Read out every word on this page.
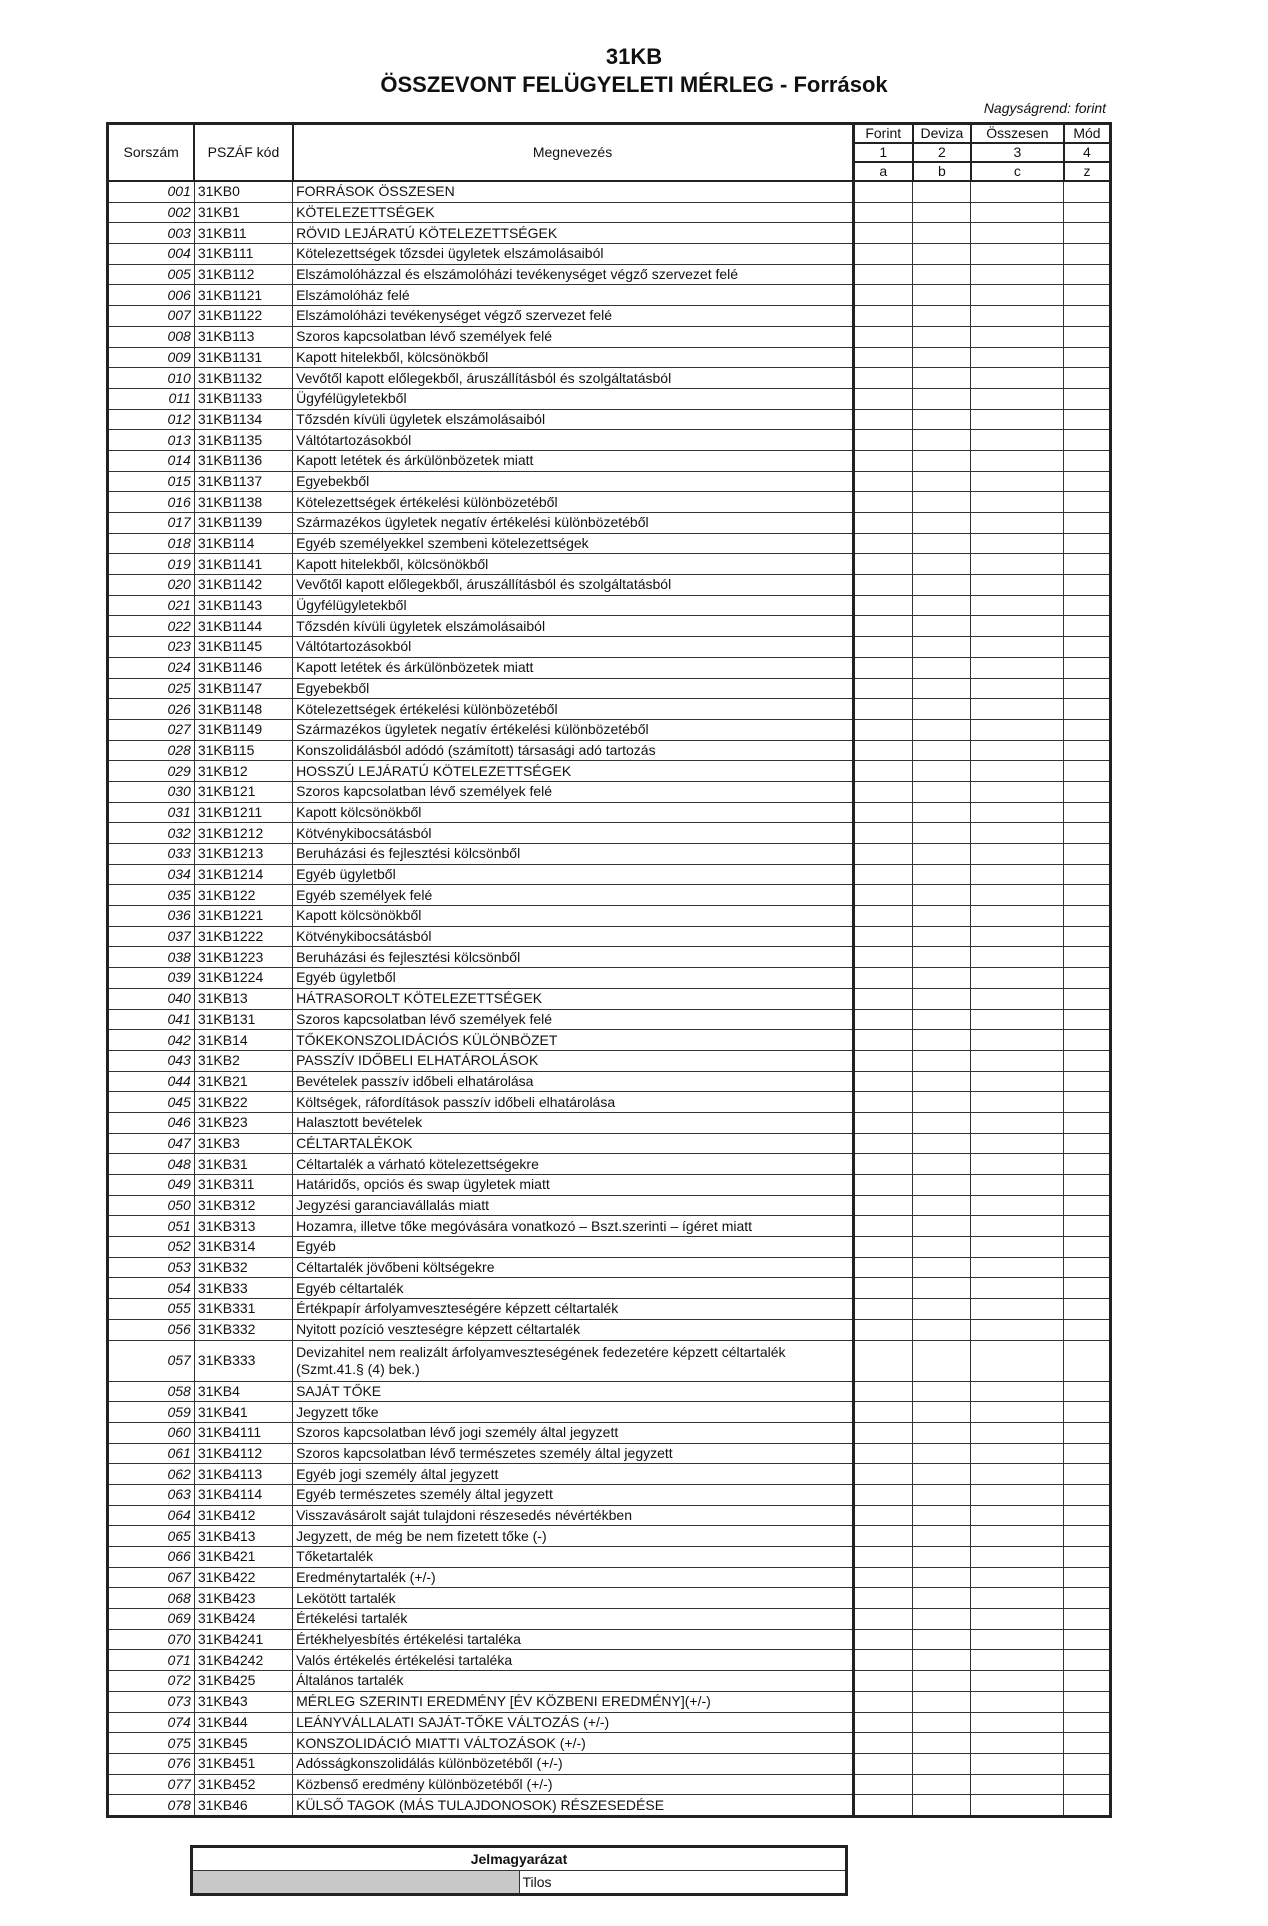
31KB
ÖSSZEVONT FELÜGYELETI MÉRLEG - Források
Nagyságrend: forint
Sorszám	PSZÁF kód	Megnevezés	Forint	Deviza	Összesen	Mód
			1	2	3	4
			a	b	c	z
001	31KB0	FORRÁSOK ÖSSZESEN				
002	31KB1	KÖTELEZETTSÉGEK				
003	31KB11	RÖVID LEJÁRATÚ KÖTELEZETTSÉGEK				
004	31KB111	Kötelezettségek tőzsdei ügyletek elszámolásaiból				
005	31KB112	Elszámolóházzal és elszámolóházi tevékenységet végző szervezet felé				
006	31KB1121	Elszámolóház felé				
007	31KB1122	Elszámolóházi tevékenységet végző szervezet felé				
008	31KB113	Szoros kapcsolatban lévő személyek felé				
009	31KB1131	Kapott hitelekből, kölcsönökből				
010	31KB1132	Vevőtől kapott előlegekből, áruszállításból és szolgáltatásból				
011	31KB1133	Ügyfélügyletekből				
012	31KB1134	Tőzsdén kívüli ügyletek elszámolásaiból				
013	31KB1135	Váltótartozásokból				
014	31KB1136	Kapott letétek és árkülönbözetek miatt				
015	31KB1137	Egyebekből				
016	31KB1138	Kötelezettségek értékelési különbözetéből				
017	31KB1139	Származékos ügyletek negatív értékelési különbözetéből				
018	31KB114	Egyéb személyekkel szembeni kötelezettségek				
019	31KB1141	Kapott hitelekből, kölcsönökből				
020	31KB1142	Vevőtől kapott előlegekből, áruszállításból és szolgáltatásból				
021	31KB1143	Ügyfélügyletekből				
022	31KB1144	Tőzsdén kívüli ügyletek elszámolásaiból				
023	31KB1145	Váltótartozásokból				
024	31KB1146	Kapott letétek és árkülönbözetek miatt				
025	31KB1147	Egyebekből				
026	31KB1148	Kötelezettségek értékelési különbözetéből				
027	31KB1149	Származékos ügyletek negatív értékelési különbözetéből				
028	31KB115	Konszolidálásból adódó (számított) társasági adó tartozás				
029	31KB12	HOSSZÚ LEJÁRATÚ KÖTELEZETTSÉGEK				
030	31KB121	Szoros kapcsolatban lévő személyek felé				
031	31KB1211	Kapott kölcsönökből				
032	31KB1212	Kötvénykibocsátásból				
033	31KB1213	Beruházási és fejlesztési kölcsönből				
034	31KB1214	Egyéb ügyletből				
035	31KB122	Egyéb személyek felé				
036	31KB1221	Kapott kölcsönökből				
037	31KB1222	Kötvénykibocsátásból				
038	31KB1223	Beruházási és fejlesztési kölcsönből				
039	31KB1224	Egyéb ügyletből				
040	31KB13	HÁTRASOROLT KÖTELEZETTSÉGEK				
041	31KB131	Szoros kapcsolatban lévő személyek felé				
042	31KB14	TŐKEKONSZOLIDÁCIÓS KÜLÖNBÖZET				
043	31KB2	PASSZÍV IDŐBELI ELHATÁROLÁSOK				
044	31KB21	Bevételek passzív időbeli elhatárolása				
045	31KB22	Költségek, ráfordítások passzív időbeli elhatárolása				
046	31KB23	Halasztott bevételek				
047	31KB3	CÉLTARTALÉKOK				
048	31KB31	Céltartalék a várható kötelezettségekre				
049	31KB311	Határidős, opciós és swap ügyletek miatt				
050	31KB312	Jegyzési garanciavállalás miatt				
051	31KB313	Hozamra, illetve tőke megóvására vonatkozó – Bszt.szerinti – ígéret miatt				
052	31KB314	Egyéb				
053	31KB32	Céltartalék jövőbeni költségekre				
054	31KB33	Egyéb céltartalék				
055	31KB331	Értékpapír árfolyamveszteségére képzett céltartalék				
056	31KB332	Nyitott pozíció veszteségre képzett céltartalék				
057	31KB333	Devizahitel nem realizált árfolyamveszteségének fedezetére képzett céltartalék (Szmt.41.§ (4) bek.)				
058	31KB4	SAJÁT TŐKE				
059	31KB41	Jegyzett tőke				
060	31KB4111	Szoros kapcsolatban lévő jogi személy által jegyzett				
061	31KB4112	Szoros kapcsolatban lévő természetes személy által jegyzett				
062	31KB4113	Egyéb jogi személy által jegyzett				
063	31KB4114	Egyéb természetes személy által jegyzett				
064	31KB412	Visszavásárolt saját tulajdoni részesedés névértékben				
065	31KB413	Jegyzett, de még be nem fizetett tőke (-)				
066	31KB421	Tőketartalék				
067	31KB422	Eredménytartalék (+/-)				
068	31KB423	Lekötött tartalék				
069	31KB424	Értékelési tartalék				
070	31KB4241	Értékhelyesbítés értékelési tartaléka				
071	31KB4242	Valós értékelés értékelési tartaléka				
072	31KB425	Általános tartalék				
073	31KB43	MÉRLEG SZERINTI EREDMÉNY [ÉV KÖZBENI EREDMÉNY](+/-)				
074	31KB44	LEÁNYVÁLLALATI SAJÁT-TŐKE VÁLTOZÁS (+/-)				
075	31KB45	KONSZOLIDÁCIÓ MIATTI VÁLTOZÁSOK (+/-)				
076	31KB451	Adósságkonszolidálás különbözetéből (+/-)				
077	31KB452	Közbenső eredmény különbözetéből (+/-)				
078	31KB46	KÜLSŐ TAGOK (MÁS TULAJDONOSOK) RÉSZESEDÉSE				
Jelmagyarázat
	Tilos
